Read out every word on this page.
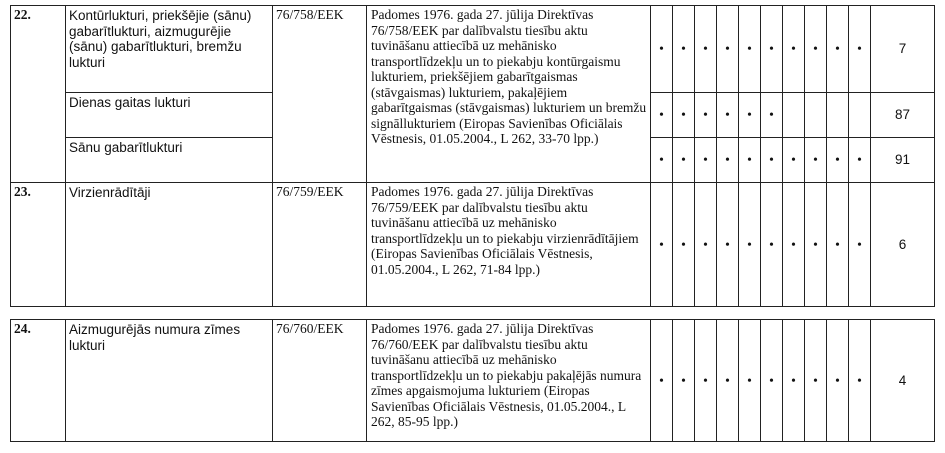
22.	Kontūrlukturi, priekšējie (sānu) gabarītlukturi, aizmugurējie (sānu) gabarītlukturi, bremžu lukturi	76/758/EEK	Padomes 1976. gada 27. jūlija Direktīvas 76/758/EEK par dalībvalstu tiesību aktu tuvināšanu attiecībā uz mehānisko transportlīdzekļu un to piekabju kontūrgaismu lukturiem, priekšējiem gabarītgaismas (stāvgaismas) lukturiem, pakaļējiem gabarītgaismas (stāvgaismas) lukturiem un bremžu signāllukturiem (Eiropas Savienības Oficiālais Vēstnesis, 01.05.2004., L 262, 33-70 lpp.)	•	•	•	•	•	•	•	•	•	•	7
	Dienas gaitas lukturi			•	•	•	•	•	•					87
	Sānu gabarītlukturi			•	•	•	•	•	•	•	•	•	•	91
23.	Virzienrādītāji	76/759/EEK	Padomes 1976. gada 27. jūlija Direktīvas 76/759/EEK par dalībvalstu tiesību aktu tuvināšanu attiecībā uz mehānisko transportlīdzekļu un to piekabju virzienrādītājiem (Eiropas Savienības Oficiālais Vēstnesis, 01.05.2004., L 262, 71-84 lpp.)	•	•	•	•	•	•	•	•	•	•	6
24.	Aizmugurējās numura zīmes lukturi	76/760/EEK	Padomes 1976. gada 27. jūlija Direktīvas 76/760/EEK par dalībvalstu tiesību aktu tuvināšanu attiecībā uz mehānisko transportlīdzekļu un to piekabju pakaļējās numura zīmes apgaismojuma lukturiem (Eiropas Savienības Oficiālais Vēstnesis, 01.05.2004., L 262, 85-95 lpp.)	•	•	•	•	•	•	•	•	•	•	4
